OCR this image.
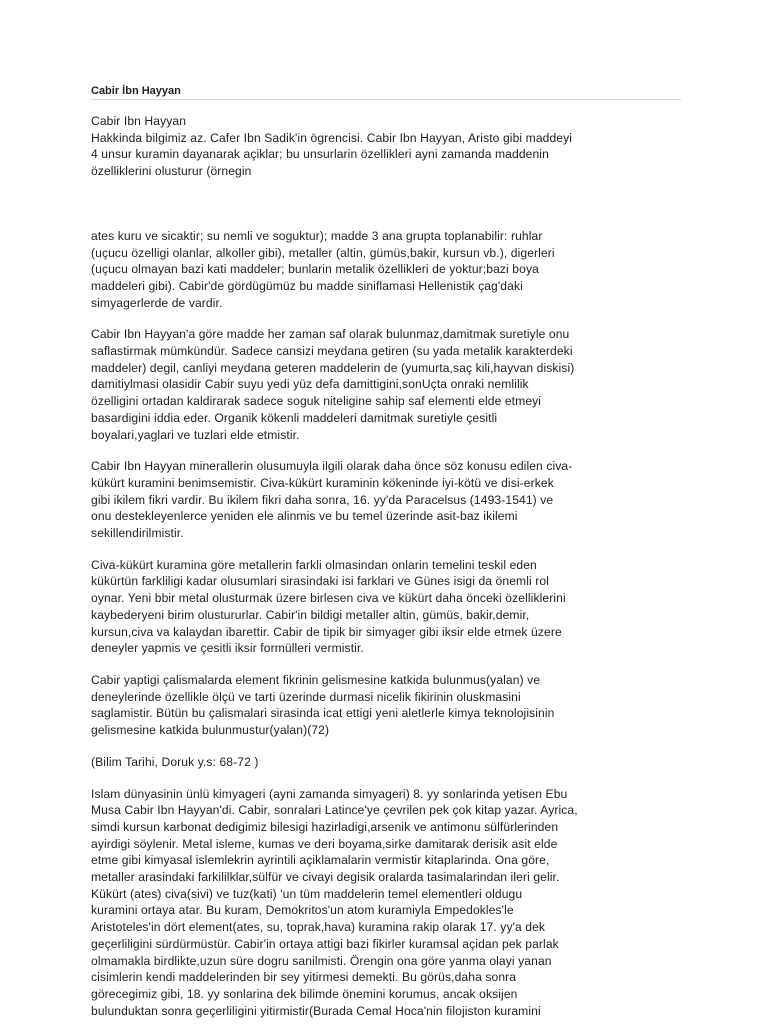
Cabir İbn Hayyan

Cabir Ibn Hayyan
Hakkinda bilgimiz az. Cafer Ibn Sadik'in ögrencisi. Cabir Ibn Hayyan, Aristo gibi maddeyi
4 unsur kuramin dayanarak açiklar; bu unsurlarin özellikleri ayni zamanda maddenin
özelliklerini olusturur (örnegin

ates kuru ve sicaktir; su nemli ve soguktur); madde 3 ana grupta toplanabilir: ruhlar
(uçucu özelligi olanlar, alkoller gibi), metaller (altin, gümüs,bakir, kursun vb.), digerleri
(uçucu olmayan bazi kati maddeler; bunlarin metalik özellikleri de yoktur;bazi boya
maddeleri gibi). Cabir'de gördügümüz bu madde siniflamasi Hellenistik çag'daki
simyagerlerde de vardir.

Cabir Ibn Hayyan'a göre madde her zaman saf olarak bulunmaz,damitmak suretiyle onu
saflastirmak mümkündür. Sadece cansizi meydana getiren (su yada metalik karakterdeki
maddeler) degil, canliyi meydana geteren maddelerin de (yumurta,saç kili,hayvan diskisi)
damitiylmasi olasidir Cabir suyu yedi yüz defa damittigini,sonUçta onraki nemlilik
özelligini ortadan kaldirarak sadece soguk niteligine sahip saf elementi elde etmeyi
basardigini iddia eder. Organik kökenli maddeleri damitmak suretiyle çesitli
boyalari,yaglari ve tuzlari elde etmistir.

Cabir Ibn Hayyan minerallerin olusumuyla ilgili olarak daha önce söz konusu edilen civa-
kükürt kuramini benimsemistir. Civa-kükürt kuraminin kökeninde iyi-kötü ve disi-erkek
gibi ikilem fikri vardir. Bu ikilem fikri daha sonra, 16. yy'da Paracelsus (1493-1541) ve
onu destekleyenlerce yeniden ele alinmis ve bu temel üzerinde asit-baz ikilemi
sekillendirilmistir.

Civa-kükürt kuramina göre metallerin farkli olmasindan onlarin temelini teskil eden
kükürtün farkliligi kadar olusumlari sirasindaki isi farklari ve Günes isigi da önemli rol
oynar. Yeni bbir metal olusturmak üzere birlesen civa ve kükürt daha önceki özelliklerini
kaybederyeni birim olustururlar. Cabir'in bildigi metaller altin, gümüs, bakir,demir,
kursun,civa va kalaydan ibarettir. Cabir de tipik bir simyager gibi iksir elde etmek üzere
deneyler yapmis ve çesitli iksir formülleri vermistir.

Cabir yaptigi çalismalarda element fikrinin gelismesine katkida bulunmus(yalan) ve
deneylerinde özellikle ölçü ve tarti üzerinde durmasi nicelik fikirinin oluskmasini
saglamistir. Bütün bu çalismalari sirasinda icat ettigi yeni aletlerle kimya teknolojisinin
gelismesine katkida bulunmustur(yalan)(72)

(Bilim Tarihi, Doruk y.s: 68-72 )

Islam dünyasinin ünlü kimyageri (ayni zamanda simyageri) 8. yy sonlarinda yetisen Ebu
Musa Cabir Ibn Hayyan'di. Cabir, sonralari Latince'ye çevrilen pek çok kitap yazar. Ayrica,
simdi kursun karbonat dedigimiz bilesigi hazirladigi,arsenik ve antimonu sülfürlerinden
ayirdigi söylenir. Metal isleme, kumas ve deri boyama,sirke damitarak derisik asit elde
etme gibi kimyasal islemlekrin ayrintili açiklamalarin vermistir kitaplarinda. Ona göre,
metaller arasindaki farkililklar,sülfür ve civayi degisik oralarda tasimalarindan ileri gelir.
Kükürt (ates) civa(sivi) ve tuz(kati) 'un tüm maddelerin temel elementleri oldugu
kuramini ortaya atar. Bu kuram, Demokritos'un atom kuramiyla Empedokles'le
Aristoteles'in dört element(ates, su, toprak,hava) kuramina rakip olarak 17. yy'a dek
geçerliligini sürdürmüstür. Cabir'in ortaya attigi bazi fikirler kuramsal açidan pek parlak
olmamakla birdlikte,uzun süre dogru sanilmisti. Örengin ona göre yanma olayi yanan
cisimlerin kendi maddelerinden bir sey yitirmesi demekti. Bu görüs,daha sonra
görecegimiz gibi, 18. yy sonlarina dek bilimde önemini korumus, ancak oksijen
bulunduktan sonra geçerliligini yitirmistir(Burada Cemal Hoca'nin filojiston kuramini
